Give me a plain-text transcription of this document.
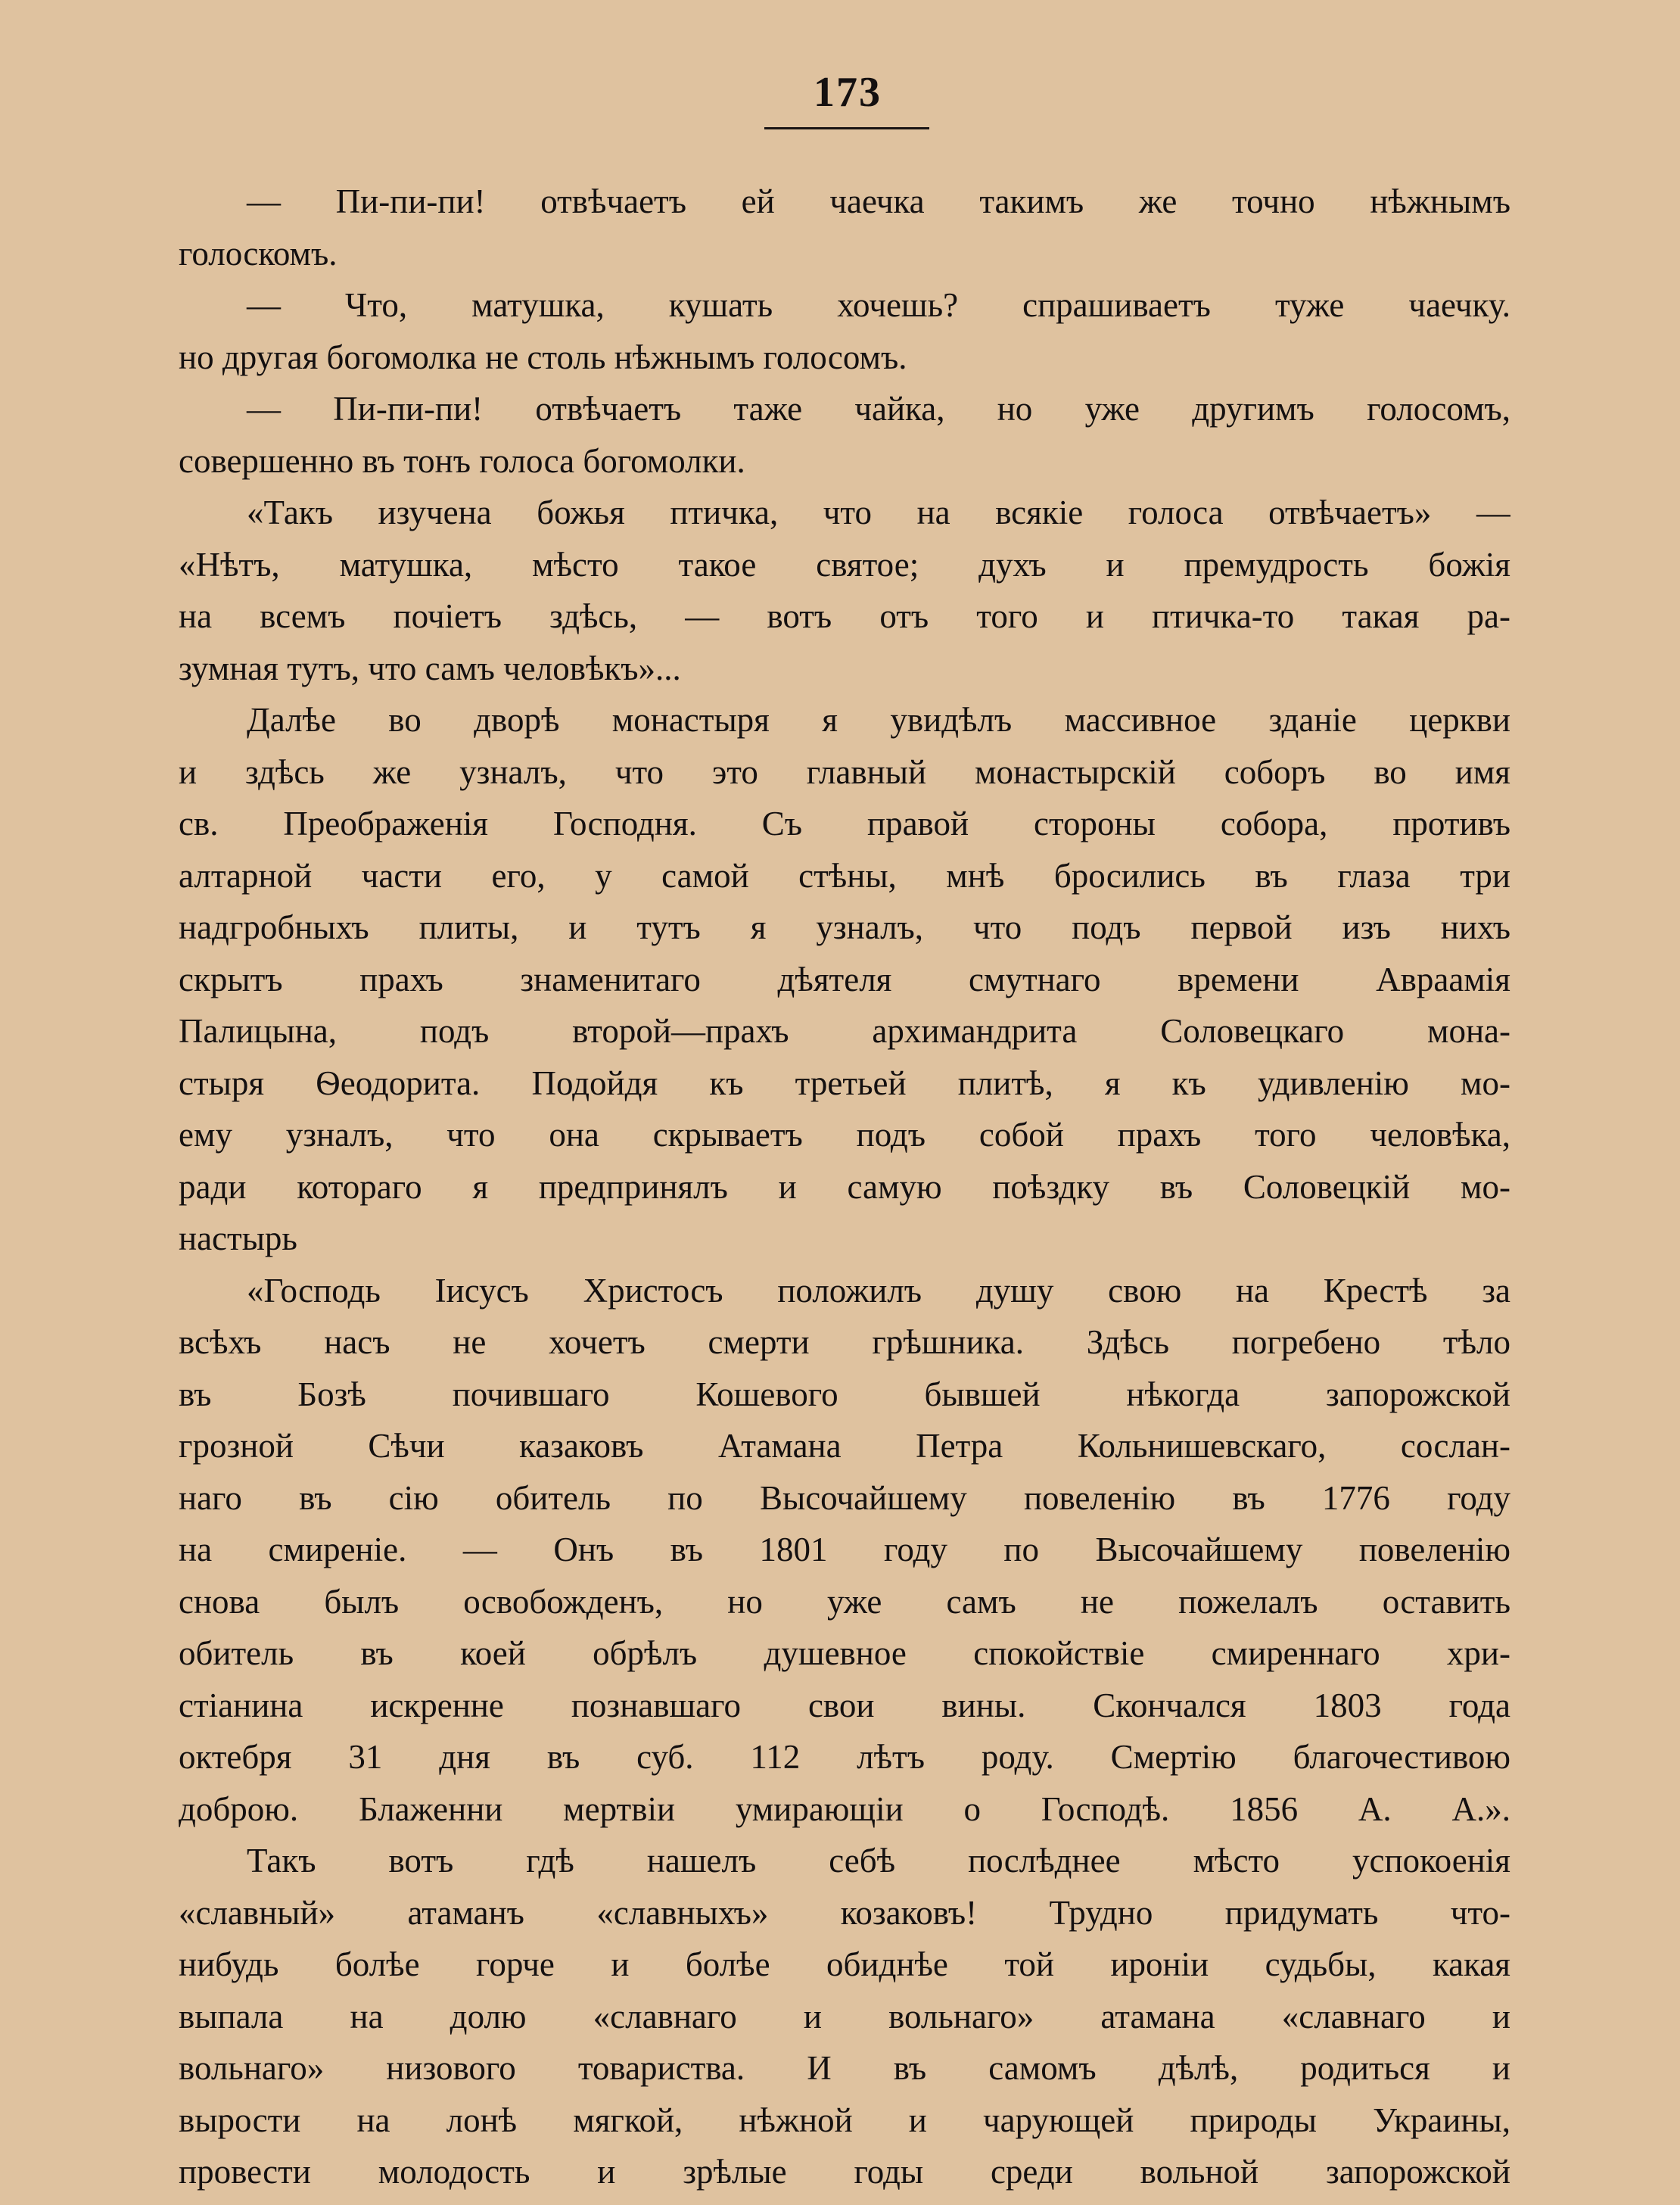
173
— Пи-пи-пи! отвѣчаетъ ей чаечка такимъ же точно нѣжнымъ
голоскомъ.
— Что, матушка, кушать хочешь? спрашиваетъ туже чаечку.
но другая богомолка не столь нѣжнымъ голосомъ.
— Пи-пи-пи! отвѣчаетъ таже чайка, но уже другимъ голосомъ,
совершенно въ тонъ голоса богомолки.
«Такъ изучена божья птичка, что на всякіе голоса отвѣчаетъ» —
«Нѣтъ, матушка, мѣсто такое святое; духъ и премудрость божія
на всемъ почіетъ здѣсь, — вотъ отъ того и птичка-то такая ра-
зумная тутъ, что самъ человѣкъ»...
Далѣе во дворѣ монастыря я увидѣлъ массивное зданіе церкви
и здѣсь же узналъ, что это главный монастырскій соборъ во имя
св. Преображенія Господня. Съ правой стороны собора, противъ
алтарной части его, у самой стѣны, мнѣ бросились въ глаза три
надгробныхъ плиты, и тутъ я узналъ, что подъ первой изъ нихъ
скрытъ прахъ знаменитаго дѣятеля смутнаго времени Авраамія
Палицына, подъ второй—прахъ архимандрита Соловецкаго мона-
стыря Ѳеодорита. Подойдя къ третьей плитѣ, я къ удивленію мо-
ему узналъ, что она скрываетъ подъ собой прахъ того человѣка,
ради котораго я предпринялъ и самую поѣздку въ Соловецкій мо-
настырь
«Господь Іисусъ Христосъ положилъ душу свою на Крестѣ за
всѣхъ насъ не хочетъ смерти грѣшника. Здѣсь погребено тѣло
въ Бозѣ почившаго Кошевого бывшей нѣкогда запорожской
грозной Сѣчи казаковъ Атамана Петра Кольнишевскаго, сослан-
наго въ сію обитель по Высочайшему повеленію въ 1776 году
на смиреніе. — Онъ въ 1801 году по Высочайшему повеленію
снова былъ освобожденъ, но уже самъ не пожелалъ оставить
обитель въ коей обрѣлъ душевное спокойствіе смиреннаго хри-
стіанина искренне познавшаго свои вины. Скончался 1803 года
октебря 31 дня въ суб. 112 лѣтъ роду. Смертію благочестивою
доброю. Блаженни мертвіи умирающіи о Господѣ. 1856 А. А.».
Такъ вотъ гдѣ нашелъ себѣ послѣднее мѣсто успокоенія
«славный» атаманъ «славныхъ» козаковъ! Трудно придумать что-
нибудь болѣе горче и болѣе обиднѣе той ироніи судьбы, какая
выпала на долю «славнаго и вольнаго» атамана «славнаго и
вольнаго» низового товариства. И въ самомъ дѣлѣ, родиться и
вырости на лонѣ мягкой, нѣжной и чарующей природы Украины,
провести молодость и зрѣлые годы среди вольной запорожской
